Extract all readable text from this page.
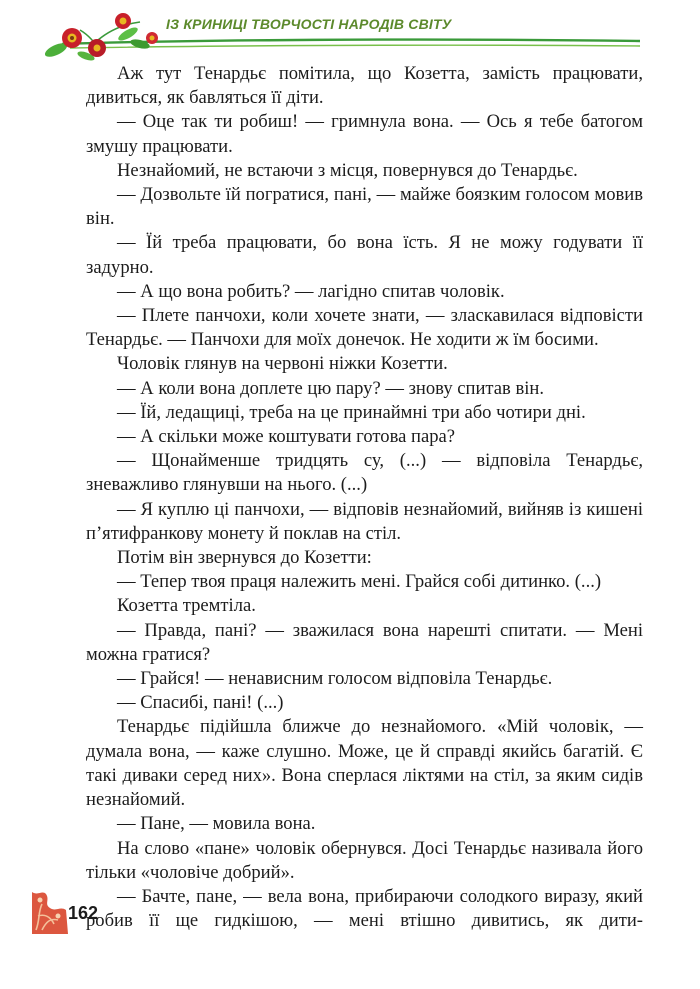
ІЗ КРИНИЦІ ТВОРЧОСТІ НАРОДІВ СВІТУ

Аж тут Тенардьє помітила, що Козетта, замість працювати, дивиться, як бавляться її діти.

— Оце так ти робиш! — гримнула вона. — Ось я тебе батогом змушу працювати.

Незнайомий, не встаючи з місця, повернувся до Тенардьє.

— Дозвольте їй погратися, пані, — майже боязким голосом мовив він.

— Їй треба працювати, бо вона їсть. Я не можу годувати її задурно.

— А що вона робить? — лагідно спитав чоловік.

— Плете панчохи, коли хочете знати, — злаcкавилася відповісти Тенардьє. — Панчохи для моїх донечок. Не ходити ж їм босими.

Чоловік глянув на червоні ніжки Козетти.

— А коли вона доплете цю пару? — знову спитав він.

— Їй, ледащиці, треба на це принаймні три або чотири дні.

— А скільки може коштувати готова пара?

— Щонайменше тридцять су, (...) — відповіла Тенардьє, зневажливо глянувши на нього. (...)

— Я куплю ці панчохи, — відповів незнайомий, вийняв із кишені п’ятифранкову монету й поклав на стіл.

Потім він звернувся до Козетти:

— Тепер твоя праця належить мені. Грайся собі дитинко. (...)

Козетта тремтіла.

— Правда, пані? — зважилася вона нарешті спитати. — Мені можна гратися?

— Грайся! — ненависним голосом відповіла Тенардьє.

— Спасибі, пані! (...)

Тенардьє підійшла ближче до незнайомого. «Мій чоловік, — думала вона, — каже слушно. Може, це й справді якийсь багатій. Є такі диваки серед них». Вона сперлася ліктями на стіл, за яким сидів незнайомий.

— Пане, — мовила вона.

На слово «пане» чоловік обернувся. Досі Тенардьє називала його тільки «чоловіче добрий».

— Бачте, пане, — вела вона, прибираючи солодкого виразу, який робив її ще гидкішою, — мені втішно дивитись, як дити-

162
